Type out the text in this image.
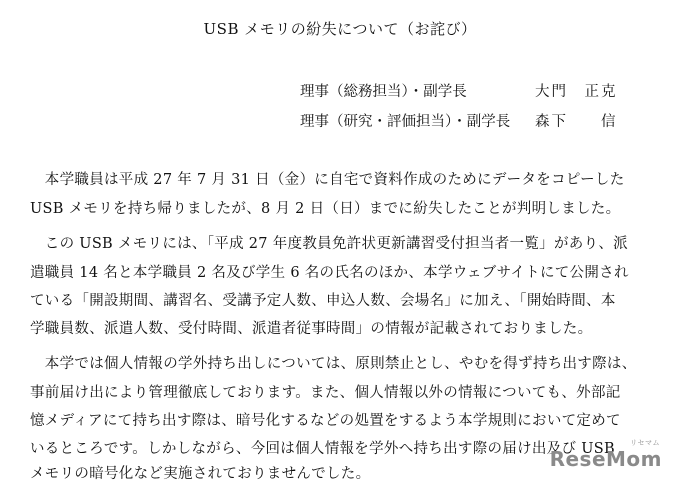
USB メモリの紛失について（お詫び）
理事（総務担当）・副学長	大門　正克
理事（研究・評価担当）・副学長 森下　　信
　本学職員は平成 27 年 7 月 31 日（金）に自宅で資料作成のためにデータをコピーした
USB メモリを持ち帰りましたが、8 月 2 日（日）までに紛失したことが判明しました。
　この USB メモリには、「平成 27 年度教員免許状更新講習受付担当者一覧」があり、派
遣職員 14 名と本学職員 2 名及び学生 6 名の氏名のほか、本学ウェブサイトにて公開され
ている「開設期間、講習名、受講予定人数、申込人数、会場名」に加え、「開始時間、本
学職員数、派遣人数、受付時間、派遣者従事時間」の情報が記載されておりました。
　本学では個人情報の学外持ち出しについては、原則禁止とし、やむを得ず持ち出す際は、
事前届け出により管理徹底しております。また、個人情報以外の情報についても、外部記
憶メディアにて持ち出す際は、暗号化するなどの処置をするよう本学規則において定めて
いるところです。しかしながら、今回は個人情報を学外へ持ち出す際の届け出及び USB
メモリの暗号化など実施されておりませんでした。
リセマム
ReseMom
